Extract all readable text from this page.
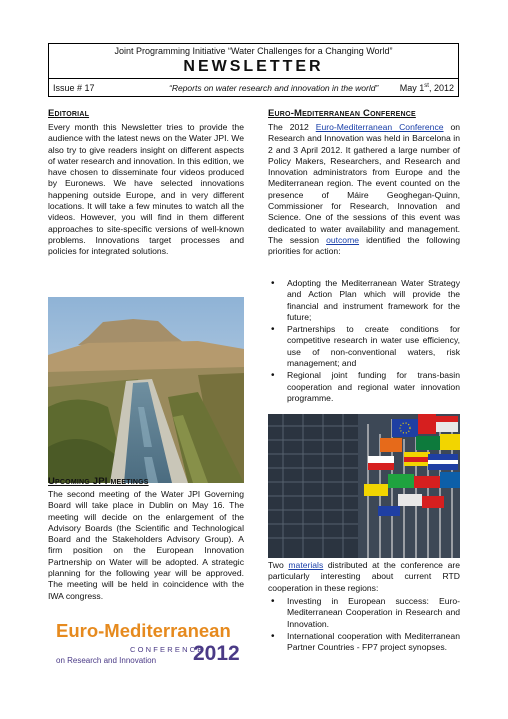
Joint Programming Initiative “Water Challenges for a Changing World”
NEWSLETTER
Issue # 17	“Reports on water research and innovation in the world” May 1st, 2012
Editorial
Every month this Newsletter tries to provide the audience with the latest news on the Water JPI. We also try to give readers insight on different aspects of water research and innovation. In this edition, we have chosen to disseminate four videos produced by Euronews. We have selected innovations happening outside Europe, and in very different locations. It will take a few minutes to watch all the videos. However, you will find in them different approaches to site-specific versions of well-known problems. Innovations target processes and policies for integrated solutions.
Upcoming JPI meetings
The second meeting of the Water JPI Governing Board will take place in Dublin on May 16. The meeting will decide on the enlargement of the Advisory Boards (the Scientific and Technological Board and the Stakeholders Advisory Group). A firm position on the European Innovation Partnership on Water will be adopted. A strategic planning for the following year will be approved. The meeting will be held in coincidence with the IWA congress.
Euro-Mediterranean
CONFERENCE
on Research and Innovation 2012
Euro-Mediterranean Conference
The 2012 Euro-Mediterranean Conference on Research and Innovation was held in Barcelona in 2 and 3 April 2012. It gathered a large number of Policy Makers, Researchers, and Research and Innovation administrators from Europe and the Mediterranean region. The event counted on the presence of Máire Geoghegan-Quinn, Commissioner for Research, Innovation and Science. One of the sessions of this event was dedicated to water availability and management. The session outcome identified the following priorities for action:
• Adopting the Mediterranean Water Strategy and Action Plan which will provide the financial and instrument framework for the future;
• Partnerships to create conditions for competitive research in water use efficiency, use of non-conventional waters, risk management; and
• Regional joint funding for trans-basin cooperation and regional water innovation programme.
Two materials distributed at the conference are particularly interesting about current RTD cooperation in these regions:
• Investing in European success: Euro-Mediterranean Cooperation in Research and Innovation.
• International cooperation with Mediterranean Partner Countries - FP7 project synopses.
